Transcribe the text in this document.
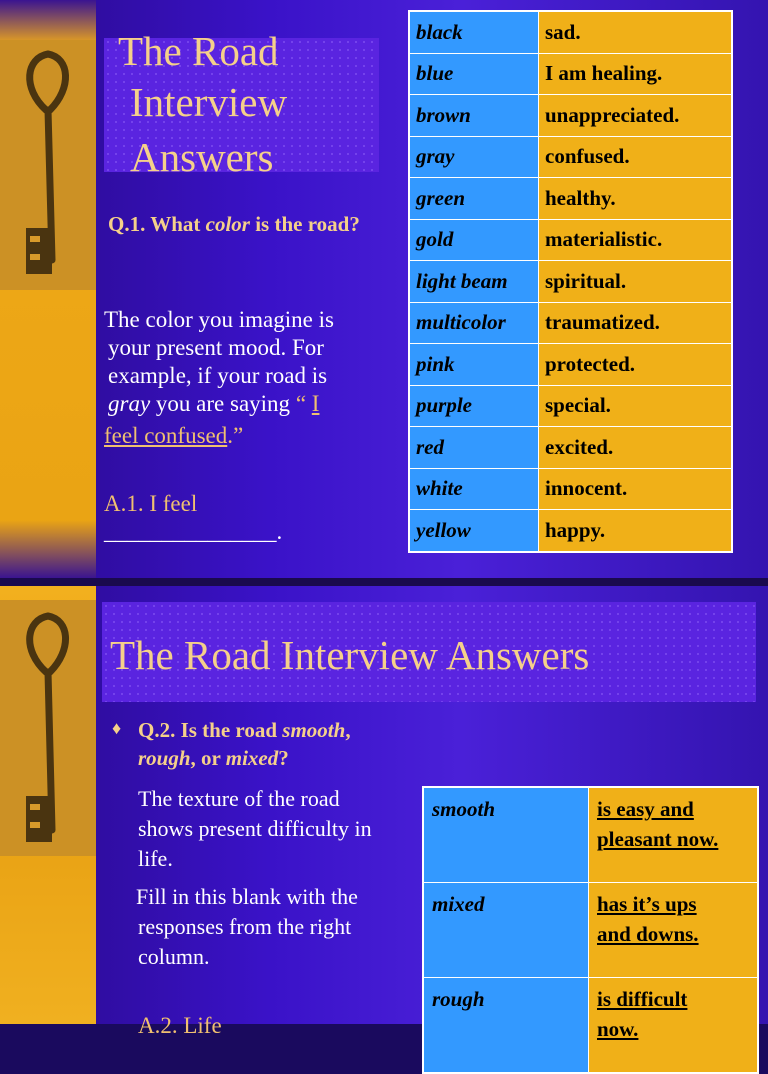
The Road
Interview
Answers
Q.1. What color is the road?
The color you imagine is
your present mood. For
example, if your road is
gray you are saying “ I
feel confused.”
A.1. I feel
_______________.
black	sad.
blue	I am healing.
brown	unappreciated.
gray	confused.
green	healthy.
gold	materialistic.
light beam	spiritual.
multicolor	traumatized.
pink	protected.
purple	special.
red	excited.
white	innocent.
yellow	happy.
The Road Interview Answers
♦ Q.2. Is the road smooth,
rough, or mixed?
The texture of the road
shows present difficulty in
life.
Fill in this blank with the
responses from the right
column.
A.2. Life
smooth	is easy and
pleasant now.

mixed	has it’s ups
and downs.

rough	is difficult
now.
